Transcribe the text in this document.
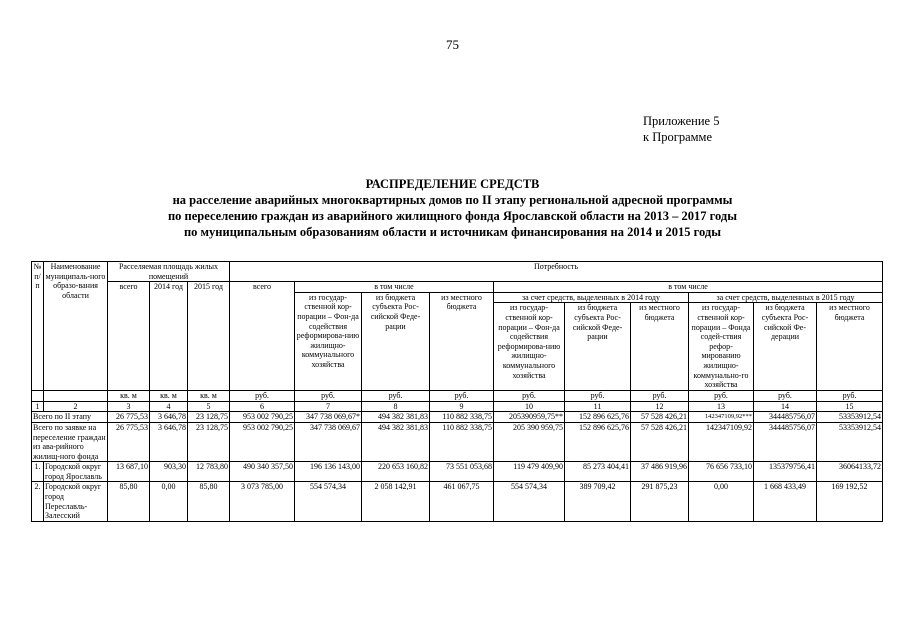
75
Приложение 5
к Программе
РАСПРЕДЕЛЕНИЕ СРЕДСТВ
на расселение аварийных многоквартирных домов по II этапу региональной адресной программы
по переселению граждан из аварийного жилищного фонда Ярославской области на 2013 – 2017 годы
по муниципальным образованиям области и источникам финансирования на 2014 и 2015 годы
№ п/п	Наименование муниципаль-ного образо-вания области	Расселяемая площадь жилых помещений			Потребность									
		всего	2014 год	2015 год	всего	в том числе			в том числе					
						из государ-ственной кор-порации – Фон-да содействия реформирова-нию жилищно-коммунального хозяйства	из бюджета субъекта Рос-сийской Феде-рации	из местного бюджета	за счет средств, выделенных в 2014 году			за счет средств, выделенных в 2015 году		
									из государ-ственной кор-порации – Фон-да содействия реформирова-нию жилищно-коммунального хозяйства	из бюджета субъекта Рос-сийской Феде-рации	из местного бюджета	из государ-ственной кор-порации – Фонда содей-ствия рефор-мированию жилищно-коммунально-го хозяйства	из бюджета субъекта Рос-сийской Фе-дерации	из местного бюджета
		кв. м	кв. м	кв. м	руб.	руб.	руб.	руб.	руб.	руб.	руб.	руб.	руб.	руб.
1	2	3	4	5	6	7	8	9	10	11	12	13	14	15
Всего по II этапу		26 775,53	3 646,78	23 128,75	953 002 790,25	347 738 069,67*	494 382 381,83	110 882 338,75	205390959,75**	152 896 625,76	57 528 426,21	142347109,92***	344485756,07	53353912,54
Всего по заявке на переселение граждан из ава-рийного жилищ-ного фонда		26 775,53	3 646,78	23 128,75	953 002 790,25	347 738 069,67	494 382 381,83	110 882 338,75	205 390 959,75	152 896 625,76	57 528 426,21	142347109,92	344485756,07	53353912,54
1.	Городской округ город Ярославль	13 687,10	903,30	12 783,80	490 340 357,50	196 136 143,00	220 653 160,82	73 551 053,68	119 479 409,90	85 273 404,41	37 486 919,96	76 656 733,10	135379756,41	36064133,72
2.	Городской округ город Переславль-Залесский	85,80	0,00	85,80	3 073 785,00	554 574,34	2 058 142,91	461 067,75	554 574,34	389 709,42	291 875,23	0,00	1 668 433,49	169 192,52
